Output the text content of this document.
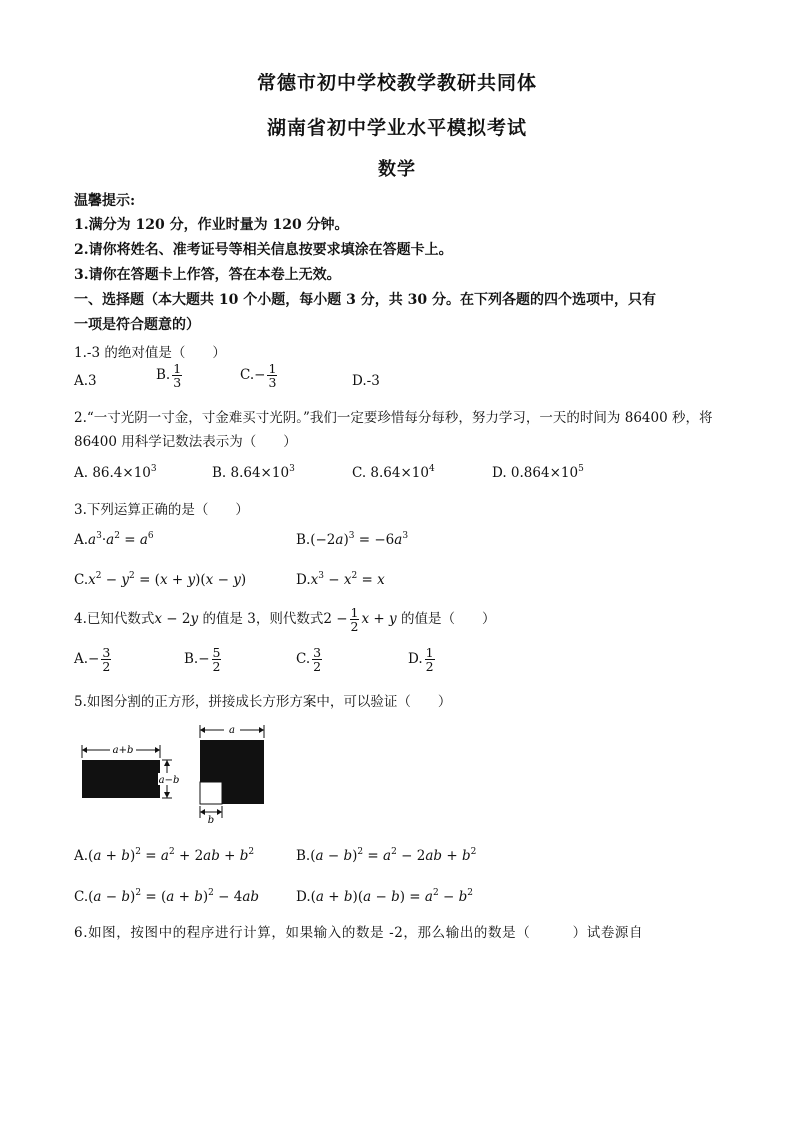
常德市初中学校教学教研共同体
湖南省初中学业水平模拟考试
数学
温馨提示:
1.满分为 120 分，作业时量为 120 分钟。
2.请你将姓名、准考证号等相关信息按要求填涂在答题卡上。
3.请你在答题卡上作答，答在本卷上无效。
一、选择题（本大题共 10 个小题，每小题 3 分，共 30 分。在下列各题的四个选项中，只有
一项是符合题意的）
1.-3 的绝对值是（　　）
A.3	B. $\frac{1}{3}$	$C.- \frac{1}{3}$	D.-3
2.“一寸光阴一寸金，寸金难买寸光阴。”我们一定要珍惜每分每秒，努力学习，一天的时间为 86400 秒，将
86400 用科学记数法表示为（　　）
A. $86.4\times 10^3$	B. $8.64\times 10^3$	C. $8.64\times 10^4$	D. $0.864\times 10^5$
3.下列运算正确的是（　　）
$A.a^3\cdot a^2 = a^6$	$B.(-2a)^3 = -6a^3$
$C.x^2 - y^2 = (x + y)(x - y)$	$D.x^3 - x^2 = x$
4.已知代数式x − 2y 的值是 3，则代数式$2 - \frac{1}{2}$ x + y 的值是（　　）
$A.- \frac{3}{2}$	$B.- \frac{5}{2}$	C. $\frac{3}{2}$	D. $\frac{1}{2}$
5.如图分割的正方形，拼接成长方形方案中，可以验证（　　）
a+b
a−b
a
b
$A.(a + b)^2 = a^2 + 2ab + b^2$	$B.(a - b)^2 = a^2 - 2ab + b^2$
$C.(a - b)^2 = (a + b)^2 - 4ab$	$D.(a + b)(a - b) = a^2 - b^2$
6.如图，按图中的程序进行计算，如果输入的数是 -2，那么输出的数是（　　　）试卷源自
